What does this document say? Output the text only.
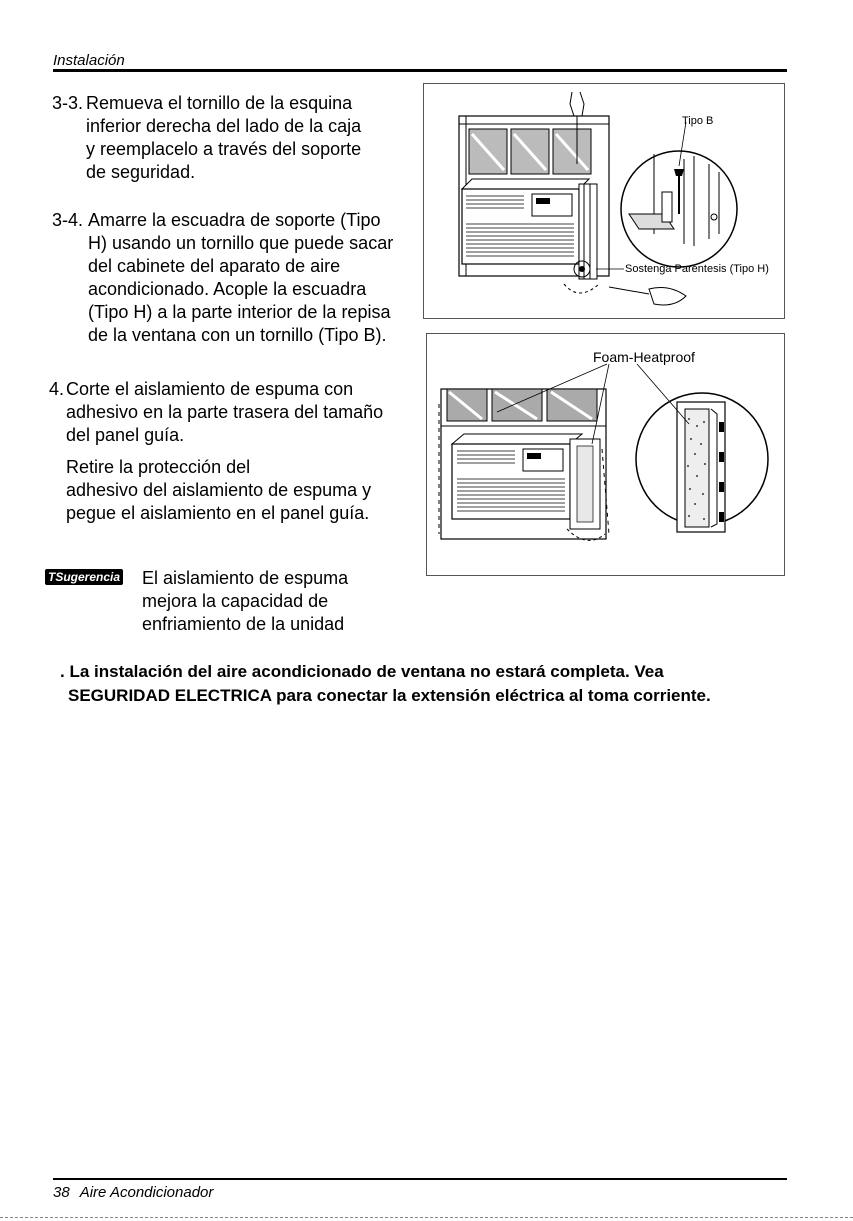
Instalación
3-3. Remueva el tornillo de la esquina
inferior derecha del lado de la caja
y reemplacelo a través del soporte
de seguridad.
3-4. Amarre la escuadra de soporte (Tipo
H) usando un tornillo que puede sacar
del cabinete del aparato de aire
acondicionado. Acople la escuadra
(Tipo H) a la parte interior de la repisa
de la ventana con un tornillo (Tipo B).
4. Corte el aislamiento de espuma con
adhesivo en la parte trasera del tamaño
del panel guía.
Retire la protección del
adhesivo del aislamiento de espuma y
pegue el aislamiento en el panel guía.
Tipo B
Sostenga Parentesis (Tipo H)
Foam-Heatproof
TSugerencia El aislamiento de espuma
mejora la capacidad de
enfriamiento de la unidad
. La instalación del aire acondicionado de ventana no estará completa. Vea
SEGURIDAD ELECTRICA para conectar la extensión eléctrica al toma corriente.
38 Aire Acondicionador
